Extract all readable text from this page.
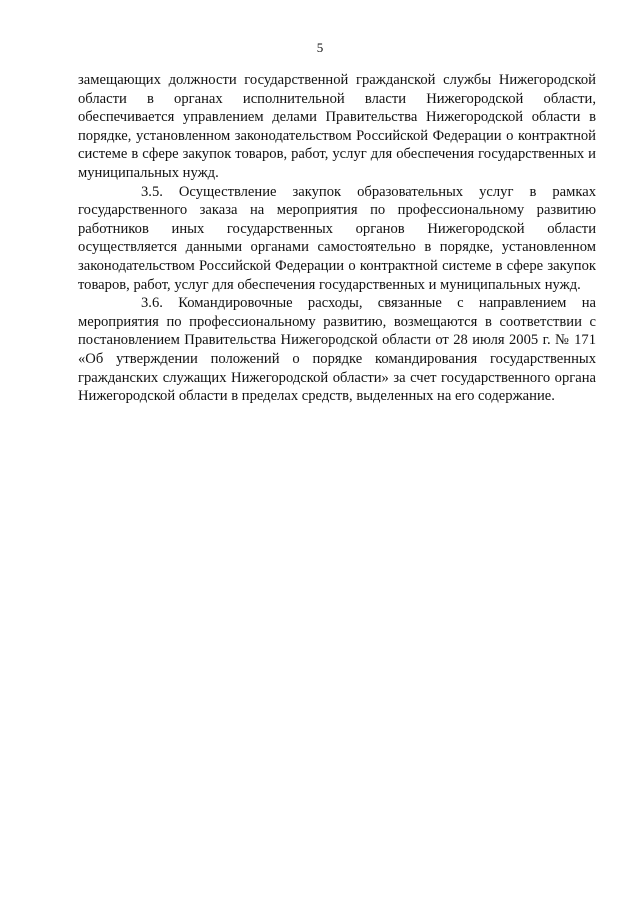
5

замещающих должности государственной гражданской службы Нижегородской области в органах исполнительной власти Нижегородской области, обеспечивается управлением делами Правительства Нижегородской области в порядке, установленном законодательством Российской Федерации о контрактной системе в сфере закупок товаров, работ, услуг для обеспечения государственных и муниципальных нужд.

3.5. Осуществление закупок образовательных услуг в рамках государственного заказа на мероприятия по профессиональному развитию работников иных государственных органов Нижегородской области осуществляется данными органами самостоятельно в порядке, установленном законодательством Российской Федерации о контрактной системе в сфере закупок товаров, работ, услуг для обеспечения государственных и муниципальных нужд.

3.6. Командировочные расходы, связанные с направлением на мероприятия по профессиональному развитию, возмещаются в соответствии с постановлением Правительства Нижегородской области от 28 июля 2005 г. № 171 «Об утверждении положений о порядке командирования государственных гражданских служащих Нижегородской области» за счет государственного органа Нижегородской области в пределах средств, выделенных на его содержание.
